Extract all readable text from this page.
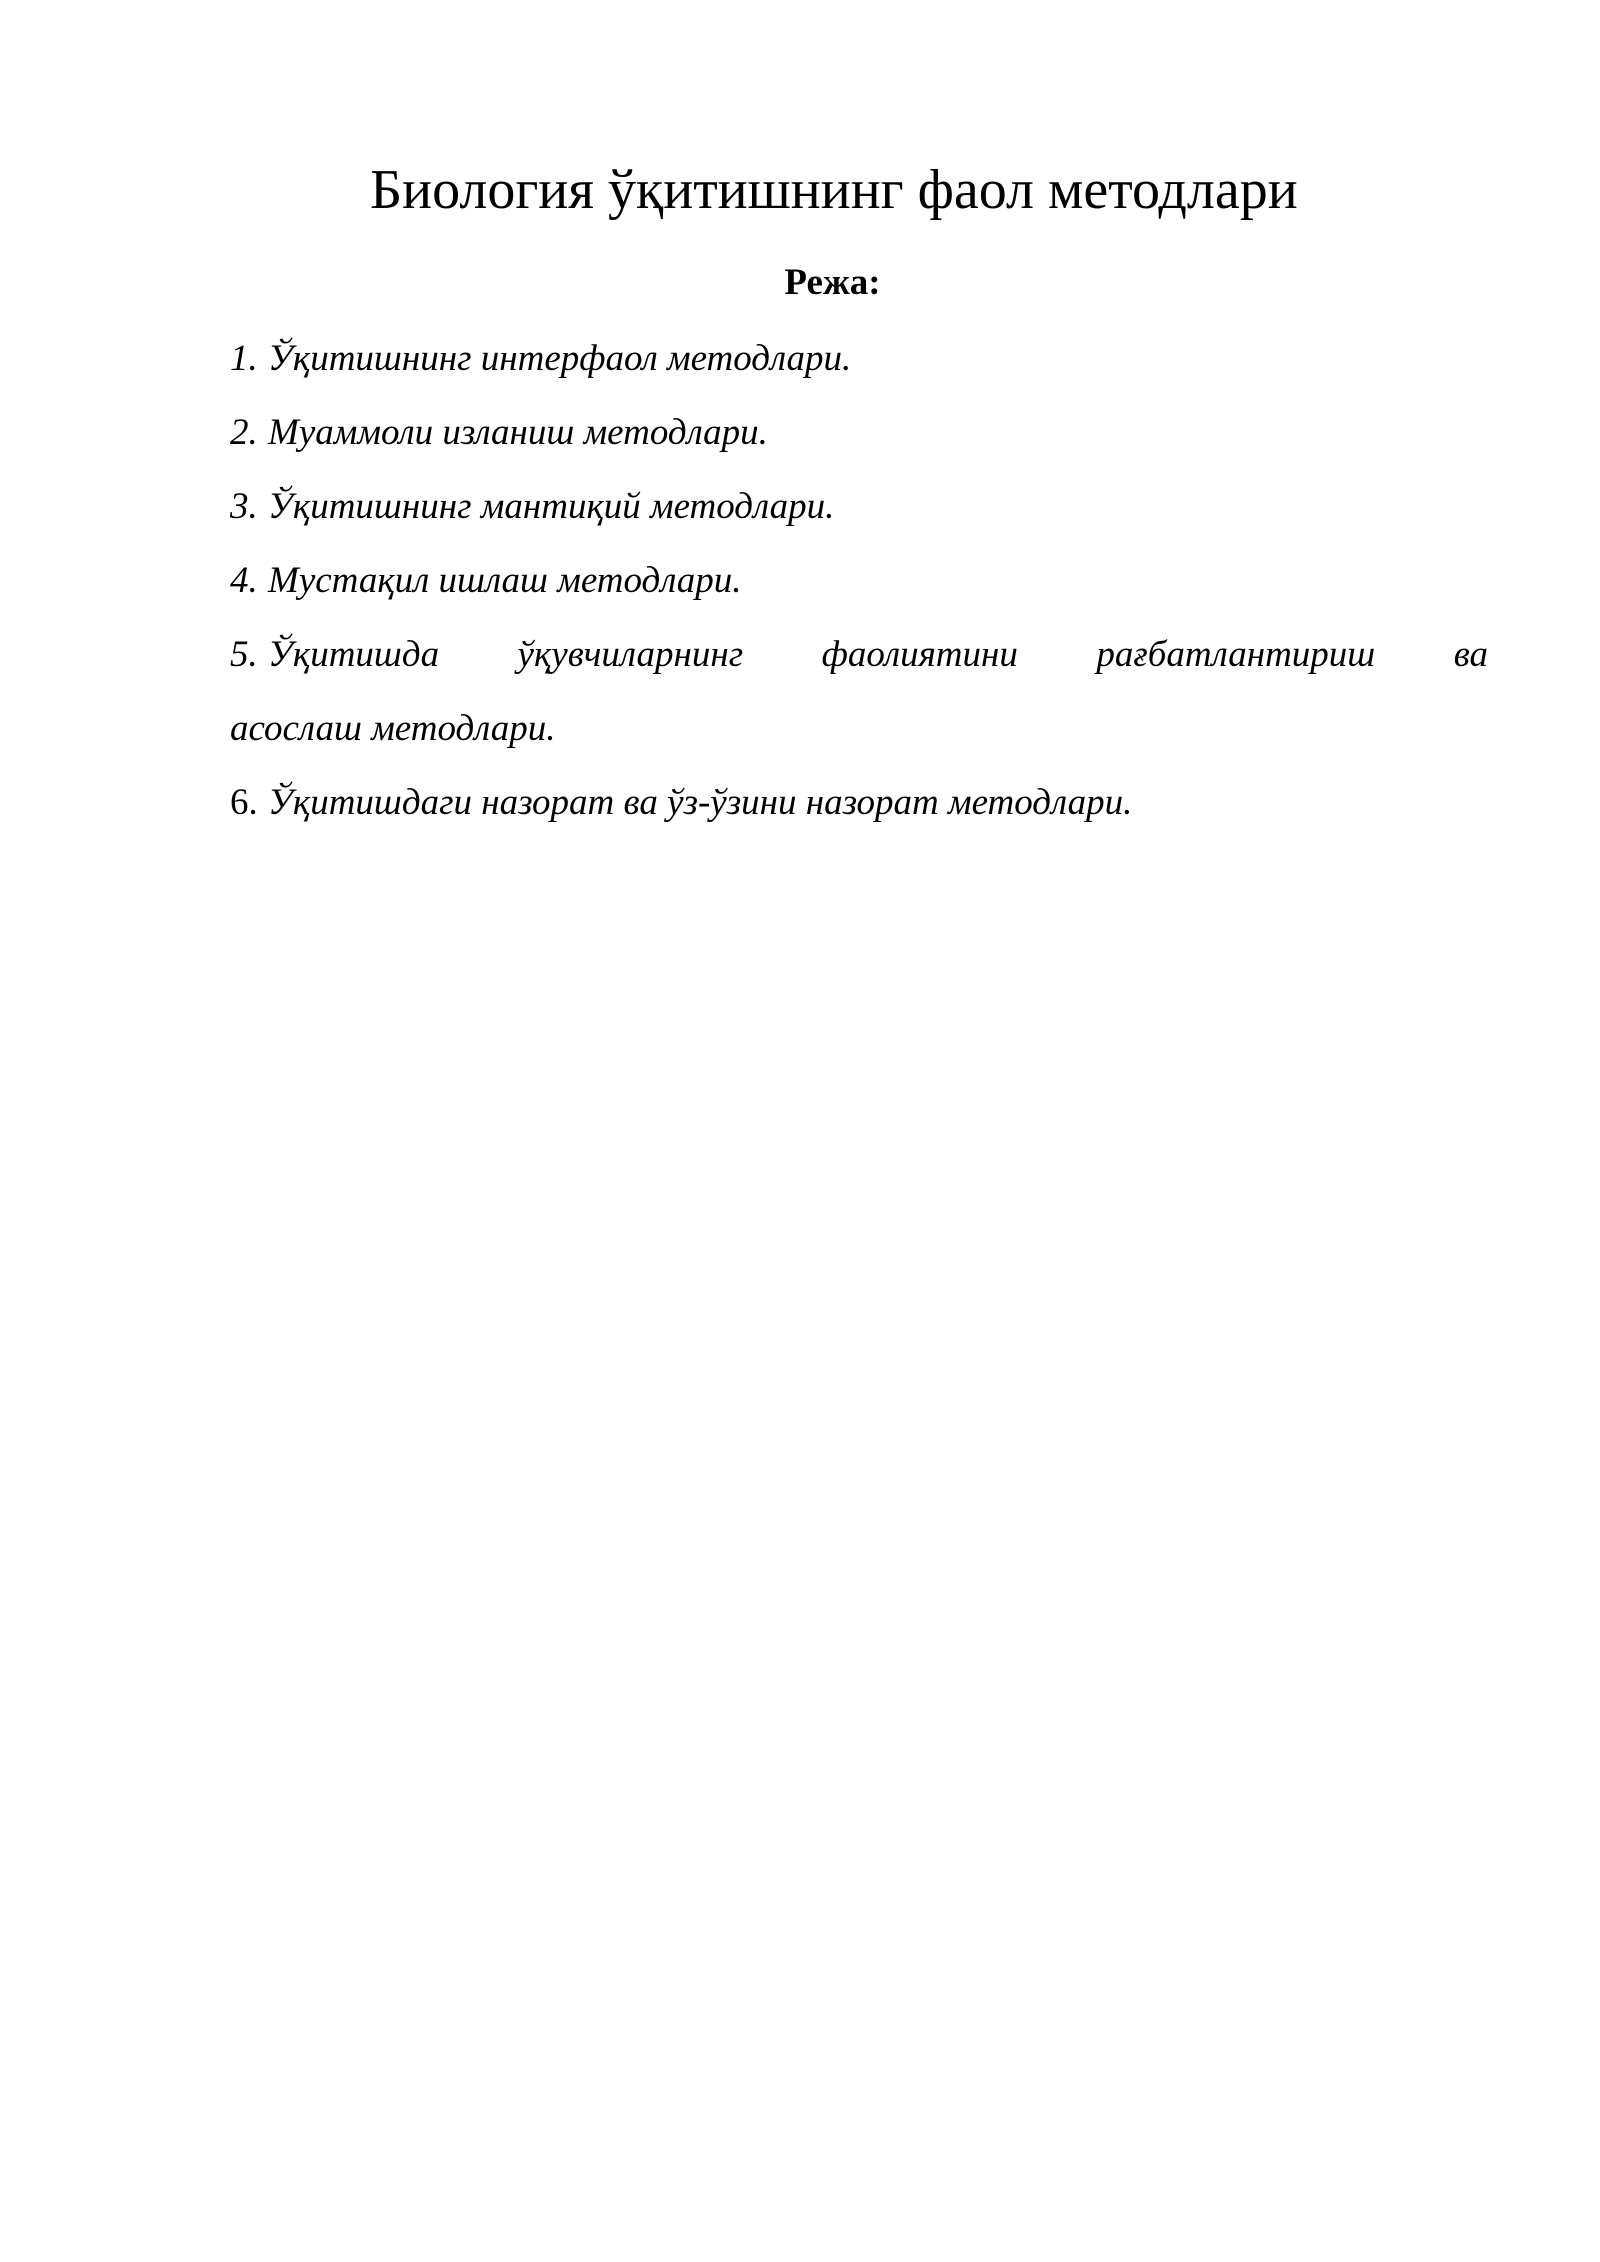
Биология ўқитишнинг фаол методлари
Режа:
1. Ўқитишнинг интерфаол методлари.
2. Муаммоли изланиш методлари.
3. Ўқитишнинг мантиқий методлари.
4. Мустақил ишлаш методлари.
5. Ўқитишда ўқувчиларнинг фаолиятини рағбатлантириш ва
асослаш методлари.
6. Ўқитишдаги назорат ва ўз-ўзини назорат методлари.
